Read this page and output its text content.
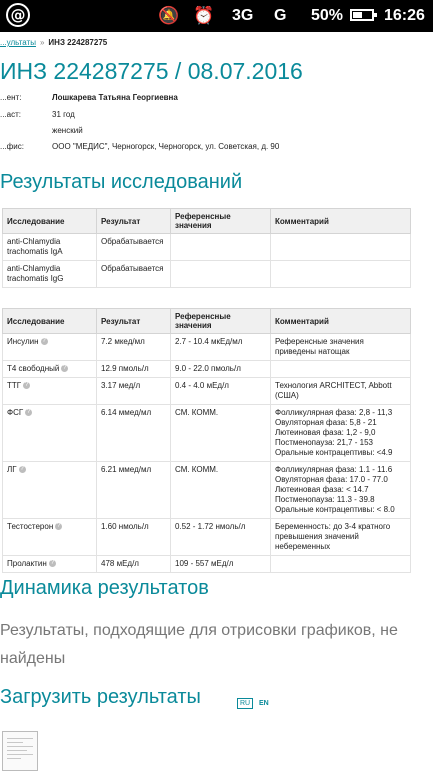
@	🔕 ⏰ 3G G 50%	16:26
...ультаты » ИНЗ 224287275
ИНЗ 224287275 / 08.07.2016
...ент:	Лошкарева Татьяна Георгиевна
...аст:	31 год
женский
...фис:	ООО "МЕДИС", Черногорск, Черногорск, ул. Советская, д. 90
Результаты исследований
Исследование	Результат	Референсные значения	Комментарий
anti-Chlamydia trachomatis IgA	Обрабатывается		
anti-Chlamydia trachomatis IgG	Обрабатывается		
Исследование	Результат	Референсные значения	Комментарий
Инсулин ?	7.2 мкед/мл	2.7 - 10.4 мкЕд/мл	Референсные значения приведены натощак
Т4 свободный ?	12.9 пмоль/л	9.0 - 22.0 пмоль/л	
ТТГ ?	3.17 мед/л	0.4 - 4.0 мЕд/л	Технология ARCHITECT, Abbott (США)
ФСГ ?	6.14 ммед/мл	СМ. КОММ.	Фолликулярная фаза: 2,8 - 11,3
Овуляторная фаза: 5,8 - 21
Лютеиновая фаза: 1,2 - 9,0
Постменопауза: 21,7 - 153
Оральные контрацептивы: <4.9
ЛГ ?	6.21 ммед/мл	СМ. КОММ.	Фолликулярная фаза: 1.1 - 11.6
Овуляторная фаза: 17.0 - 77.0
Лютеиновая фаза: < 14.7
Постменопауза: 11.3 - 39.8
Оральные контрацептивы: < 8.0
Тестостерон ?	1.60 нмоль/л	0.52 - 1.72 нмоль/л	Беременность: до 3-4 кратного превышения значений небеременных
Пролактин ?	478 мЕд/л	109 - 557 мЕд/л	
Динамика результатов
Результаты, подходящие для отрисовки графиков, не найдены
Загрузить результаты	RU	EN
